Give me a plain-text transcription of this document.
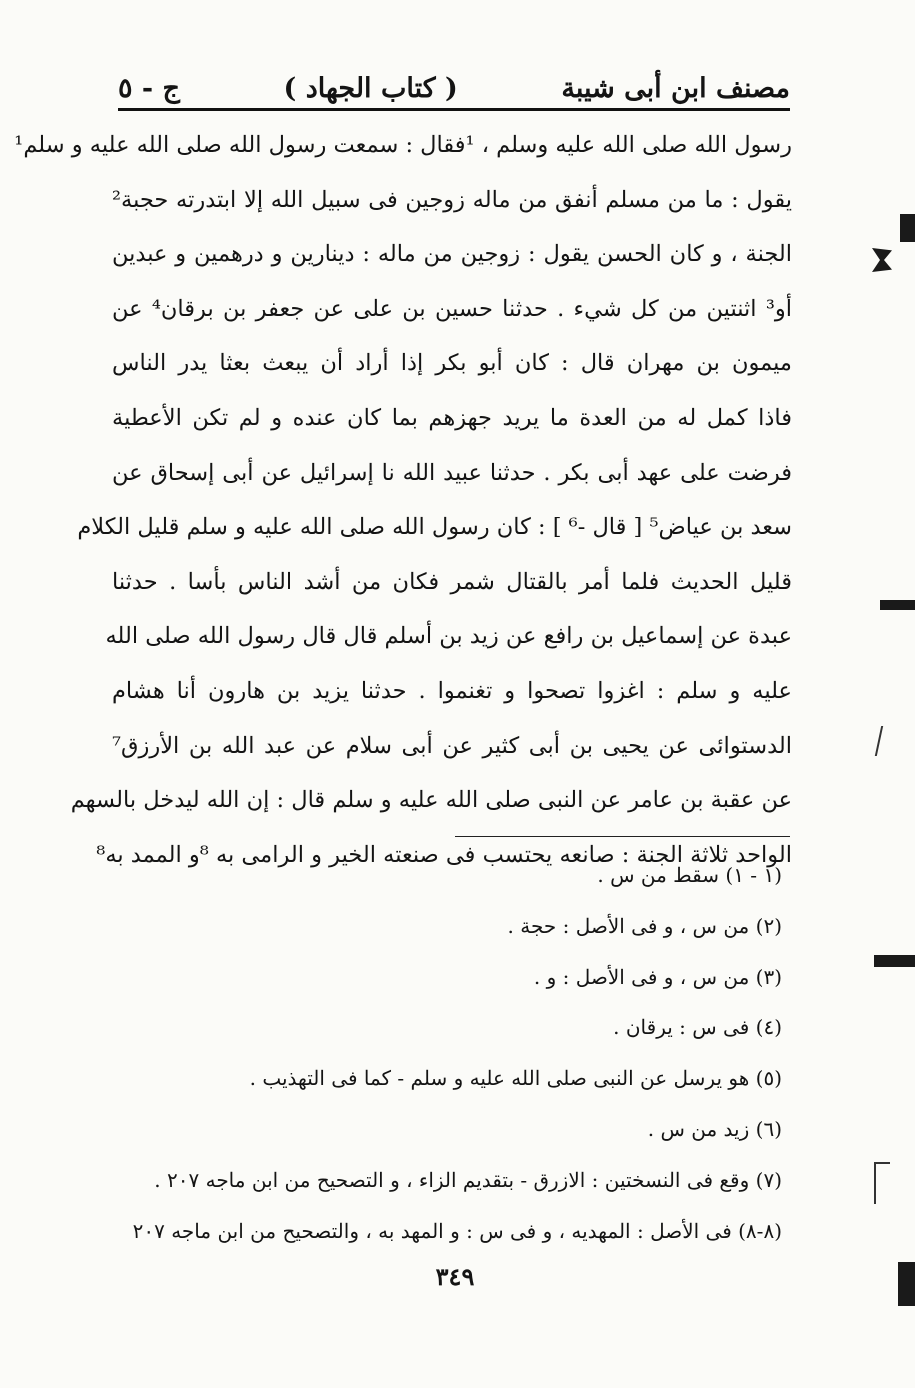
مصنف ابن أبى شيبة
( كتاب الجهاد )
ج - ٥
رسول الله صلى الله عليه وسلم ، ¹فقال : سمعت رسول الله صلى الله عليه و سلم¹
يقول : ما من مسلم أنفق من ماله زوجين فى سبيل الله إلا ابتدرته حجبة²
الجنة ، و كان الحسن يقول : زوجين من ماله : دينارين و درهمين و عبدين
أو³ اثنتين من كل شيء . حدثنا حسين بن على عن جعفر بن برقان⁴ عن
ميمون بن مهران قال : كان أبو بكر إذا أراد أن يبعث بعثا يدر الناس
فاذا كمل له من العدة ما يريد جهزهم بما كان عنده و لم تكن الأعطية
فرضت على عهد أبى بكر . حدثنا عبيد الله نا إسرائيل عن أبى إسحاق عن
سعد بن عياض⁵ [ قال -⁶ ] : كان رسول الله صلى الله عليه و سلم قليل الكلام
قليل الحديث فلما أمر بالقتال شمر فكان من أشد الناس بأسا . حدثنا
عبدة عن إسماعيل بن رافع عن زيد بن أسلم قال قال رسول الله صلى الله
عليه و سلم : اغزوا تصحوا و تغنموا . حدثنا يزيد بن هارون أنا هشام
الدستوائى عن يحيى بن أبى كثير عن أبى سلام عن عبد الله بن الأرزق⁷
عن عقبة بن عامر عن النبى صلى الله عليه و سلم قال : إن الله ليدخل بالسهم
الواحد ثلاثة الجنة : صانعه يحتسب فى صنعته الخير و الرامى به ⁸و الممد به⁸
(١ - ١) سقط من س .
(٢) من س ، و فى الأصل : حجة .
(٣) من س ، و فى الأصل : و .
(٤) فى س : يرقان .
(٥) هو يرسل عن النبى صلى الله عليه و سلم - كما فى التهذيب .
(٦) زيد من س .
(٧) وقع فى النسختين : الازرق - بتقديم الزاء ، و التصحيح من ابن ماجه ٢٠٧ .
(٨-٨) فى الأصل : المهديه ، و فى س : و المهد به ، والتصحيح من ابن ماجه ٢٠٧
٣٤٩
